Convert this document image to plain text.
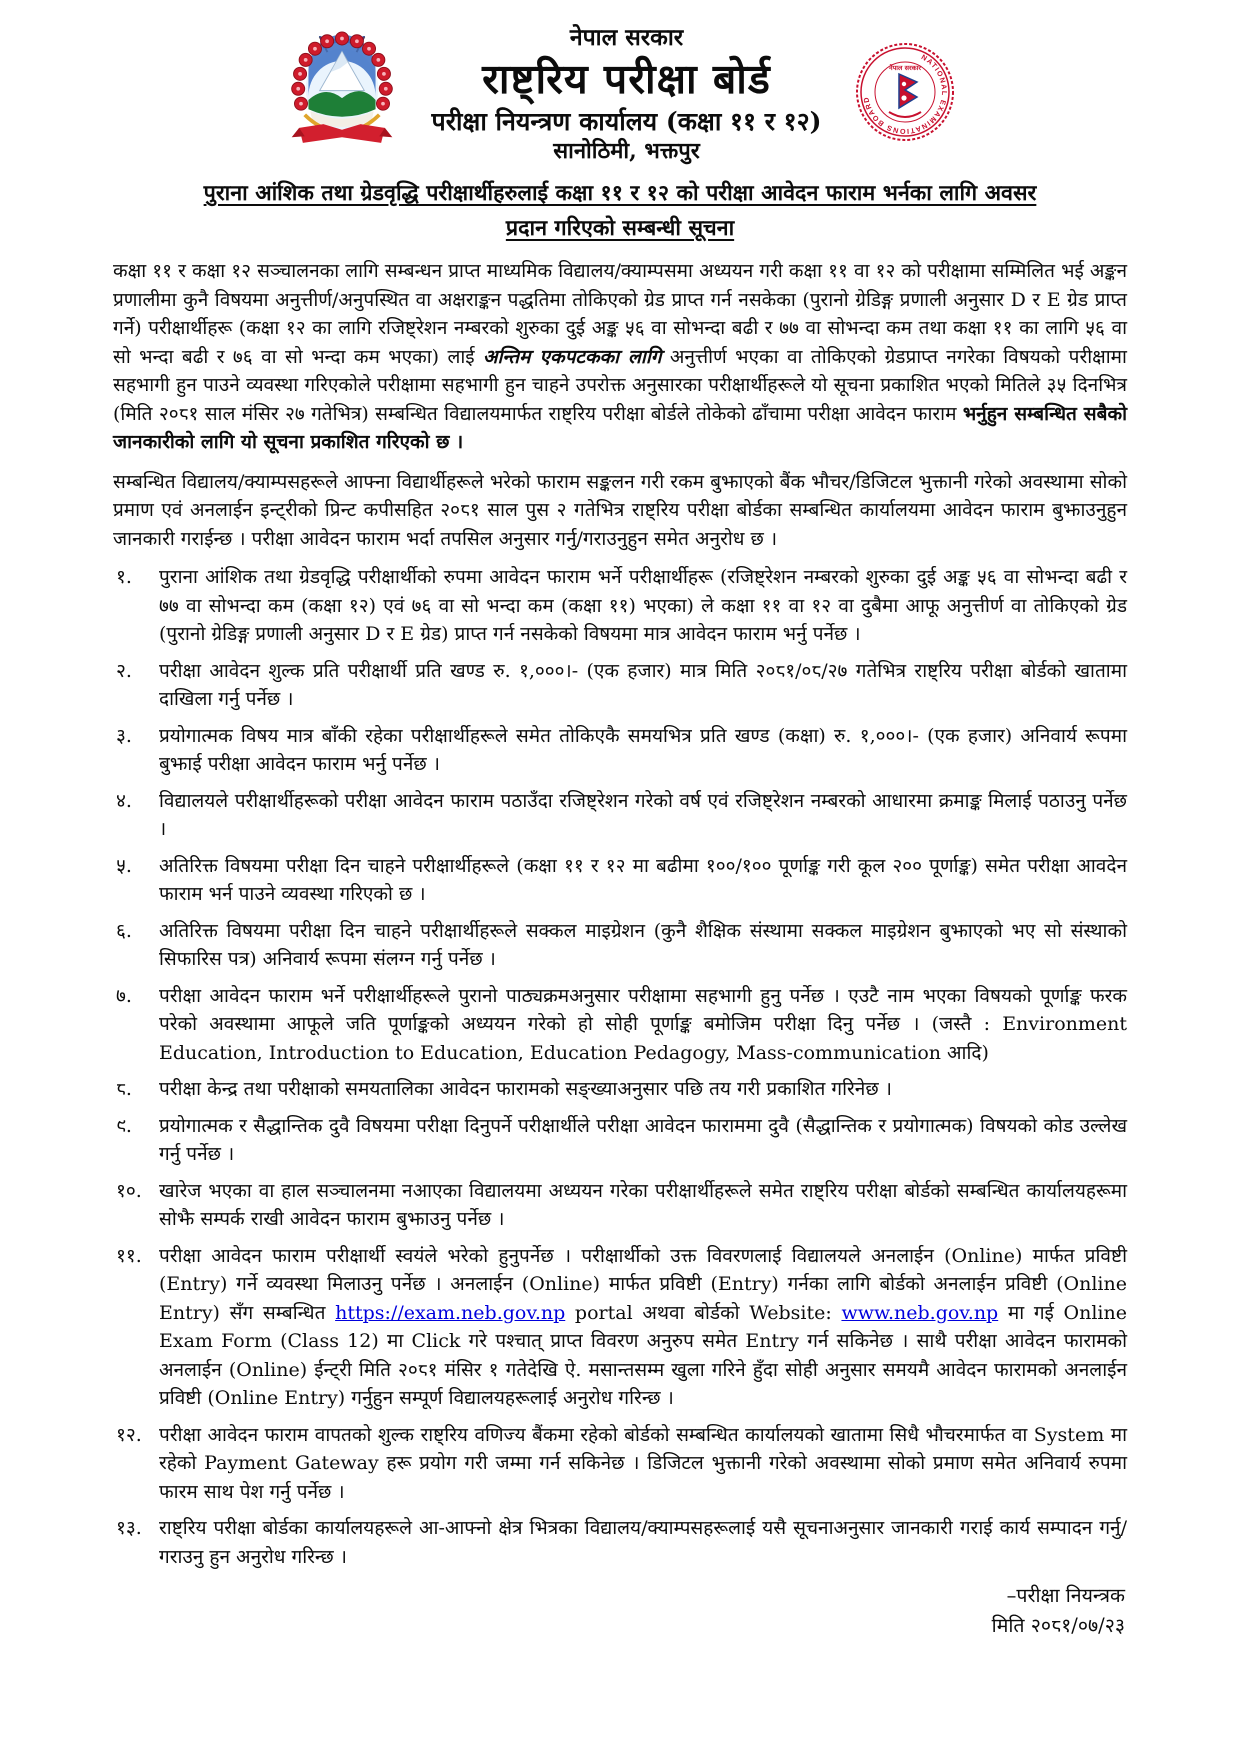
नेपाल सरकार
राष्ट्रिय परीक्षा बोर्ड
परीक्षा नियन्त्रण कार्यालय (कक्षा ११ र १२)
सानोठिमी, भक्तपुर
NATIONAL EXAMINATIONS BOARD
नेपाल सरकार
पुराना आंशिक तथा ग्रेडवृद्धि परीक्षार्थीहरुलाई कक्षा ११ र १२ को परीक्षा आवेदन फाराम भर्नका लागि अवसर
प्रदान गरिएको सम्बन्धी सूचना

कक्षा ११ र कक्षा १२ सञ्चालनका लागि सम्बन्धन प्राप्त माध्यमिक विद्यालय/क्याम्पसमा अध्ययन गरी कक्षा ११ वा १२ को परीक्षामा सम्मिलित भई अङ्कन प्रणालीमा कुनै विषयमा अनुत्तीर्ण/अनुपस्थित वा अक्षराङ्कन पद्धतिमा तोकिएको ग्रेड प्राप्त गर्न नसकेका (पुरानो ग्रेडिङ्ग प्रणाली अनुसार D र E ग्रेड प्राप्त गर्ने) परीक्षार्थीहरू (कक्षा १२ का लागि रजिष्ट्रेशन नम्बरको शुरुका दुई अङ्क ५६ वा सोभन्दा बढी र ७७ वा सोभन्दा कम तथा कक्षा ११ का लागि ५६ वा सो भन्दा बढी र ७६ वा सो भन्दा कम भएका) लाई अन्तिम एकपटकका लागि अनुत्तीर्ण भएका वा तोकिएको ग्रेडप्राप्त नगरेका विषयको परीक्षामा सहभागी हुन पाउने व्यवस्था गरिएकोले परीक्षामा सहभागी हुन चाहने उपरोक्त अनुसारका परीक्षार्थीहरूले यो सूचना प्रकाशित भएको मितिले ३५ दिनभित्र (मिति २०८१ साल मंसिर २७ गतेभित्र) सम्बन्धित विद्यालयमार्फत राष्ट्रिय परीक्षा बोर्डले तोकेको ढाँचामा परीक्षा आवेदन फाराम भर्नुहुन सम्बन्धित सबैको जानकारीको लागि यो सूचना प्रकाशित गरिएको छ ।

सम्बन्धित विद्यालय/क्याम्पसहरूले आफ्ना विद्यार्थीहरूले भरेको फाराम सङ्कलन गरी रकम बुझाएको बैंक भौचर/डिजिटल भुक्तानी गरेको अवस्थामा सोको प्रमाण एवं अनलाईन इन्ट्रीको प्रिन्ट कपीसहित २०८१ साल पुस २ गतेभित्र राष्ट्रिय परीक्षा बोर्डका सम्बन्धित कार्यालयमा आवेदन फाराम बुझाउनुहुन जानकारी गराईन्छ । परीक्षा आवेदन फाराम भर्दा तपसिल अनुसार गर्नु/गराउनुहुन समेत अनुरोध छ ।

१.	पुराना आंशिक तथा ग्रेडवृद्धि परीक्षार्थीको रुपमा आवेदन फाराम भर्ने परीक्षार्थीहरू (रजिष्ट्रेशन नम्बरको शुरुका दुई अङ्क ५६ वा सोभन्दा बढी र ७७ वा सोभन्दा कम (कक्षा १२) एवं ७६ वा सो भन्दा कम (कक्षा ११) भएका) ले कक्षा ११ वा १२ वा दुबैमा आफू अनुत्तीर्ण वा तोकिएको ग्रेड (पुरानो ग्रेडिङ्ग प्रणाली अनुसार D र E ग्रेड) प्राप्त गर्न नसकेको विषयमा मात्र आवेदन फाराम भर्नु पर्नेछ ।
२.	परीक्षा आवेदन शुल्क प्रति परीक्षार्थी प्रति खण्ड रु. १,०००।- (एक हजार) मात्र मिति २०८१/०८/२७ गतेभित्र राष्ट्रिय परीक्षा बोर्डको खातामा दाखिला गर्नु पर्नेछ ।
३.	प्रयोगात्मक विषय मात्र बाँकी रहेका परीक्षार्थीहरूले समेत तोकिएकै समयभित्र प्रति खण्ड (कक्षा) रु. १,०००।- (एक हजार) अनिवार्य रूपमा बुझाई परीक्षा आवेदन फाराम भर्नु पर्नेछ ।
४.	विद्यालयले परीक्षार्थीहरूको परीक्षा आवेदन फाराम पठाउँदा रजिष्ट्रेशन गरेको वर्ष एवं रजिष्ट्रेशन नम्बरको आधारमा क्रमाङ्क मिलाई पठाउनु पर्नेछ ।
५.	अतिरिक्त विषयमा परीक्षा दिन चाहने परीक्षार्थीहरूले (कक्षा ११ र १२ मा बढीमा १००/१०० पूर्णाङ्क गरी कूल २०० पूर्णाङ्क) समेत परीक्षा आवदेन फाराम भर्न पाउने व्यवस्था गरिएको छ ।
६.	अतिरिक्त विषयमा परीक्षा दिन चाहने परीक्षार्थीहरूले सक्कल माइग्रेशन (कुनै शैक्षिक संस्थामा सक्कल माइग्रेशन बुझाएको भए सो संस्थाको सिफारिस पत्र) अनिवार्य रूपमा संलग्न गर्नु पर्नेछ ।
७.	परीक्षा आवेदन फाराम भर्ने परीक्षार्थीहरूले पुरानो पाठ्यक्रमअनुसार परीक्षामा सहभागी हुनु पर्नेछ । एउटै नाम भएका विषयको पूर्णाङ्क फरक परेको अवस्थामा आफूले जति पूर्णाङ्कको अध्ययन गरेको हो सोही पूर्णाङ्क बमोजिम परीक्षा दिनु पर्नेछ । (जस्तै : Environment Education, Introduction to Education, Education Pedagogy, Mass-communication आदि)
८.	परीक्षा केन्द्र तथा परीक्षाको समयतालिका आवेदन फारामको सङ्ख्याअनुसार पछि तय गरी प्रकाशित गरिनेछ ।
९.	प्रयोगात्मक र सैद्धान्तिक दुवै विषयमा परीक्षा दिनुपर्ने परीक्षार्थीले परीक्षा आवेदन फाराममा दुवै (सैद्धान्तिक र प्रयोगात्मक) विषयको कोड उल्लेख गर्नु पर्नेछ ।
१०. खारेज भएका वा हाल सञ्चालनमा नआएका विद्यालयमा अध्ययन गरेका परीक्षार्थीहरूले समेत राष्ट्रिय परीक्षा बोर्डको सम्बन्धित कार्यालयहरूमा सोझै सम्पर्क राखी आवेदन फाराम बुझाउनु पर्नेछ ।
११. परीक्षा आवेदन फाराम परीक्षार्थी स्वयंले भरेको हुनुपर्नेछ । परीक्षार्थीको उक्त विवरणलाई विद्यालयले अनलाईन (Online) मार्फत प्रविष्टी (Entry) गर्ने व्यवस्था मिलाउनु पर्नेछ । अनलाईन (Online) मार्फत प्रविष्टी (Entry) गर्नका लागि बोर्डको अनलाईन प्रविष्टी (Online Entry) सँग सम्बन्धित https://exam.neb.gov.np portal अथवा बोर्डको Website: www.neb.gov.np मा गई Online Exam Form (Class 12) मा Click गरे पश्चात् प्राप्त विवरण अनुरुप समेत Entry गर्न सकिनेछ । साथै परीक्षा आवेदन फारामको अनलाईन (Online) ईन्ट्री मिति २०८१ मंसिर १ गतेदेखि ऐ. मसान्तसम्म खुला गरिने हुँदा सोही अनुसार समयमै आवेदन फारामको अनलाईन प्रविष्टी (Online Entry) गर्नुहुन सम्पूर्ण विद्यालयहरूलाई अनुरोध गरिन्छ ।
१२. परीक्षा आवेदन फाराम वापतको शुल्क राष्ट्रिय वणिज्य बैंकमा रहेको बोर्डको सम्बन्धित कार्यालयको खातामा सिधै भौचरमार्फत वा System मा रहेको Payment Gateway हरू प्रयोग गरी जम्मा गर्न सकिनेछ । डिजिटल भुक्तानी गरेको अवस्थामा सोको प्रमाण समेत अनिवार्य रुपमा फारम साथ पेश गर्नु पर्नेछ ।
१३. राष्ट्रिय परीक्षा बोर्डका कार्यालयहरूले आ-आफ्नो क्षेत्र भित्रका विद्यालय/क्याम्पसहरूलाई यसै सूचनाअनुसार जानकारी गराई कार्य सम्पादन गर्नु/गराउनु हुन अनुरोध गरिन्छ ।
–परीक्षा नियन्त्रक
मिति २०८१/०७/२३
